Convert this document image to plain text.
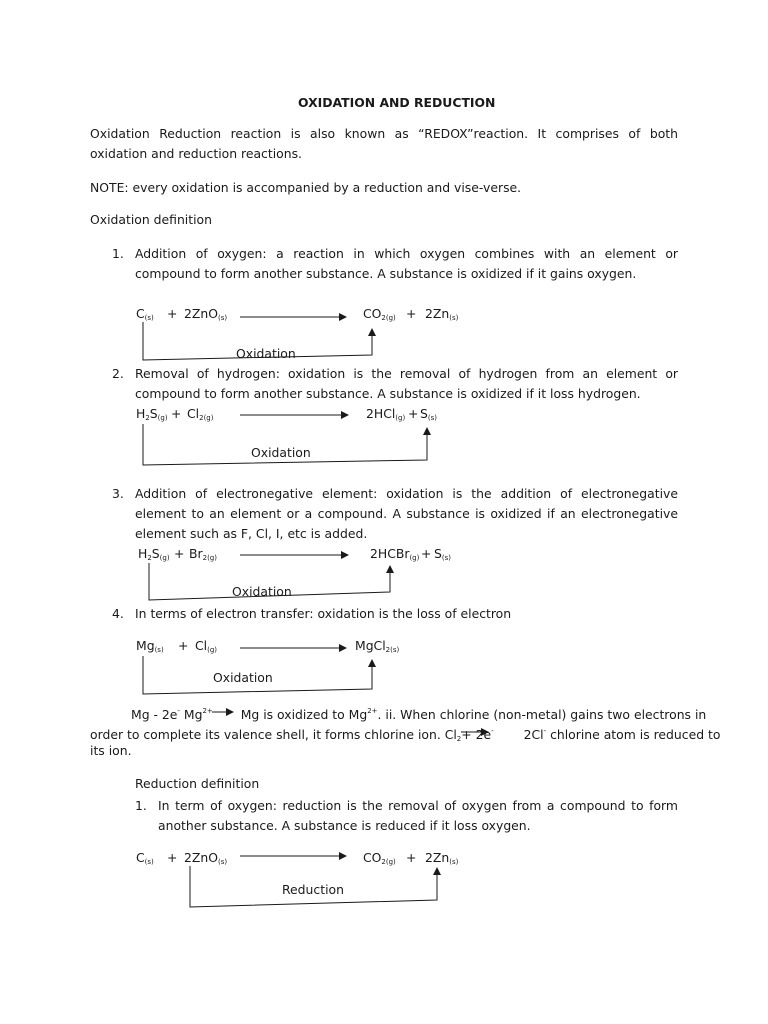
OXIDATION AND REDUCTION
Oxidation Reduction reaction is also known as “REDOX”reaction. It comprises of both oxidation and reduction reactions.
NOTE: every oxidation is accompanied by a reduction and vise-verse.
Oxidation definition
1. Addition of oxygen: a reaction in which oxygen combines with an element or compound to form another substance. A substance is oxidized if it gains oxygen.
C(s) + 2ZnO(s)	CO2(g) + 2Zn(s)
Oxidation
2. Removal of hydrogen: oxidation is the removal of hydrogen from an element or compound to form another substance. A substance is oxidized if it loss hydrogen.
H2S(g) + Cl2(g)	2HCl(g) + S(s)
Oxidation
3. Addition of electronegative element: oxidation is the addition of electronegative element to an element or a compound. A substance is oxidized if an electronegative element such as F, Cl, I, etc is added.
H2S(g) + Br2(g)	2HCBr(g) + S(s)
Oxidation
4. In terms of electron transfer: oxidation is the loss of electron
Mg(s) + Cl(g)	MgCl2(s)
Oxidation
Mg - 2e- $Mg^{2+}$ Mg is oxidized to $Mg^{2+}$. ii. When chlorine (non-metal) gains two electrons in
order to complete its valence shell, it forms chlorine ion. $Cl_2+ 2e^-$ 2Cl- chlorine atom is reduced to
its ion.
Reduction definition
1. In term of oxygen: reduction is the removal of oxygen from a compound to form another substance. A substance is reduced if it loss oxygen.
C(s) + 2ZnO(s)	CO2(g) + 2Zn(s)
Reduction
